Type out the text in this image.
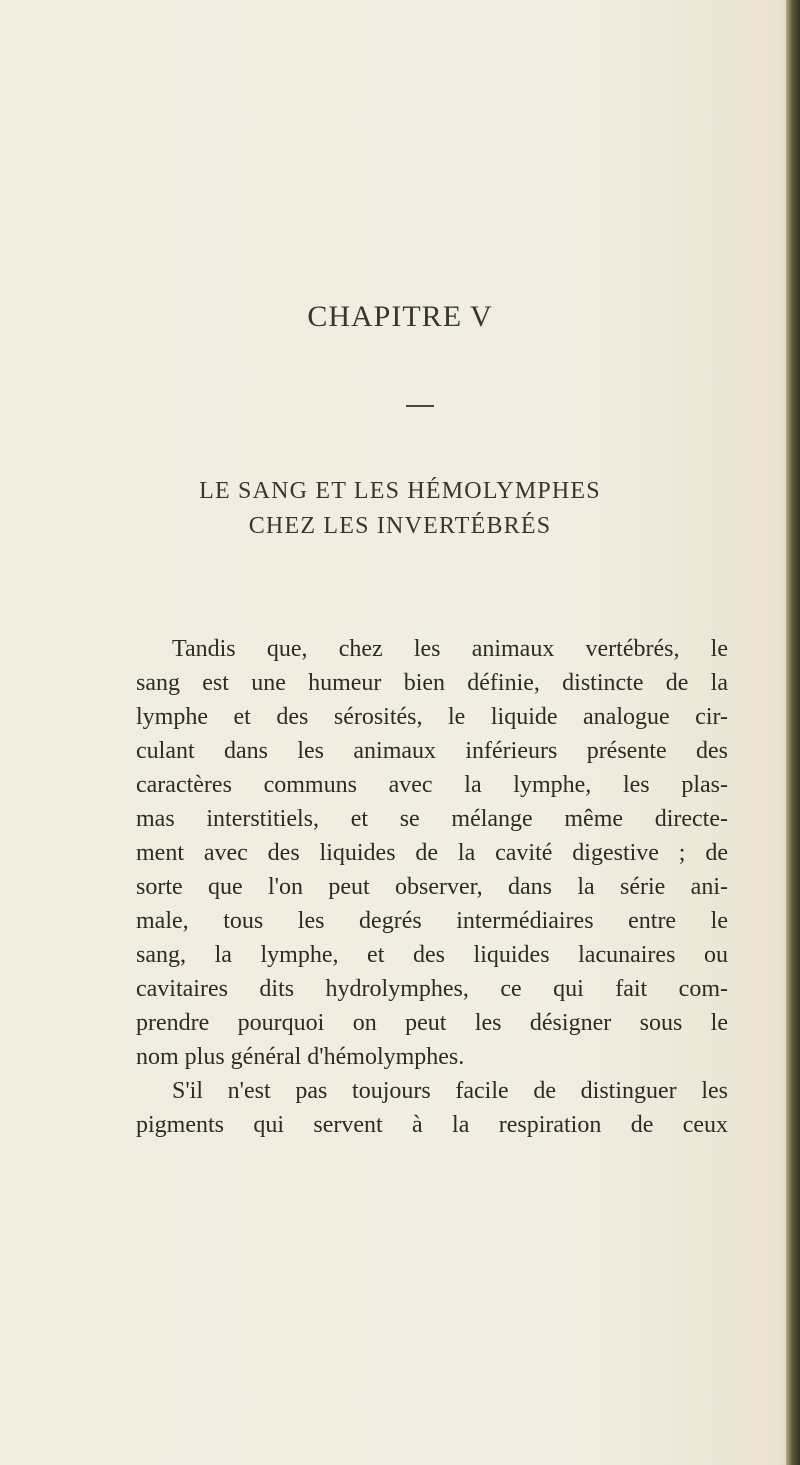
CHAPITRE V
LE SANG ET LES HÉMOLYMPHES
CHEZ LES INVERTÉBRÉS
Tandis que, chez les animaux vertébrés, le
sang est une humeur bien définie, distincte de la
lymphe et des sérosités, le liquide analogue cir-
culant dans les animaux inférieurs présente des
caractères communs avec la lymphe, les plas-
mas interstitiels, et se mélange même directe-
ment avec des liquides de la cavité digestive ; de
sorte que l'on peut observer, dans la série ani-
male, tous les degrés intermédiaires entre le
sang, la lymphe, et des liquides lacunaires ou
cavitaires dits hydrolymphes, ce qui fait com-
prendre pourquoi on peut les désigner sous le
nom plus général d'hémolymphes.
S'il n'est pas toujours facile de distinguer les
pigments qui servent à la respiration de ceux
